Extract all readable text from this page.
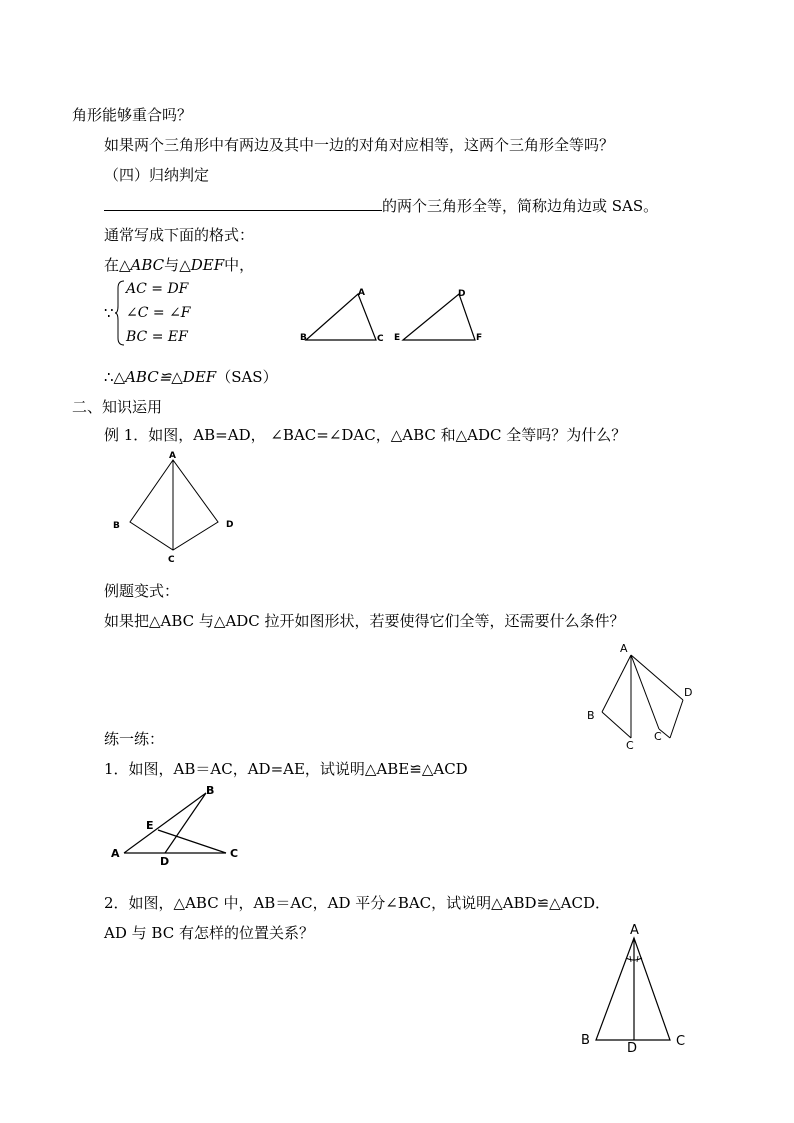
角形能够重合吗？
如果两个三角形中有两边及其中一边的对角对应相等，这两个三角形全等吗？
（四）归纳判定
的两个三角形全等，简称边角边或 SAS。
通常写成下面的格式：
在△ABC与△DEF中，
∵
AC = DF
∠C = ∠F
BC = EF	B
A
C E
D
F
∴△ABC≌△DEF（SAS）
二、知识运用
例 1．如图，AB=AD， ∠BAC=∠DAC，△ABC 和△ADC 全等吗？为什么？
A
B
C
D
例题变式：
如果把△ABC 与△ADC 拉开如图形状，若要使得它们全等，还需要什么条件？
A
B
C
C
D
练一练：
1．如图，AB＝AC，AD=AE，试说明△ABE≌△ACD
A
B
C
D
E
2．如图，△ABC 中，AB＝AC，AD 平分∠BAC，试说明△ABD≌△ACD．
AD 与 BC 有怎样的位置关系？	A
B
D	C
